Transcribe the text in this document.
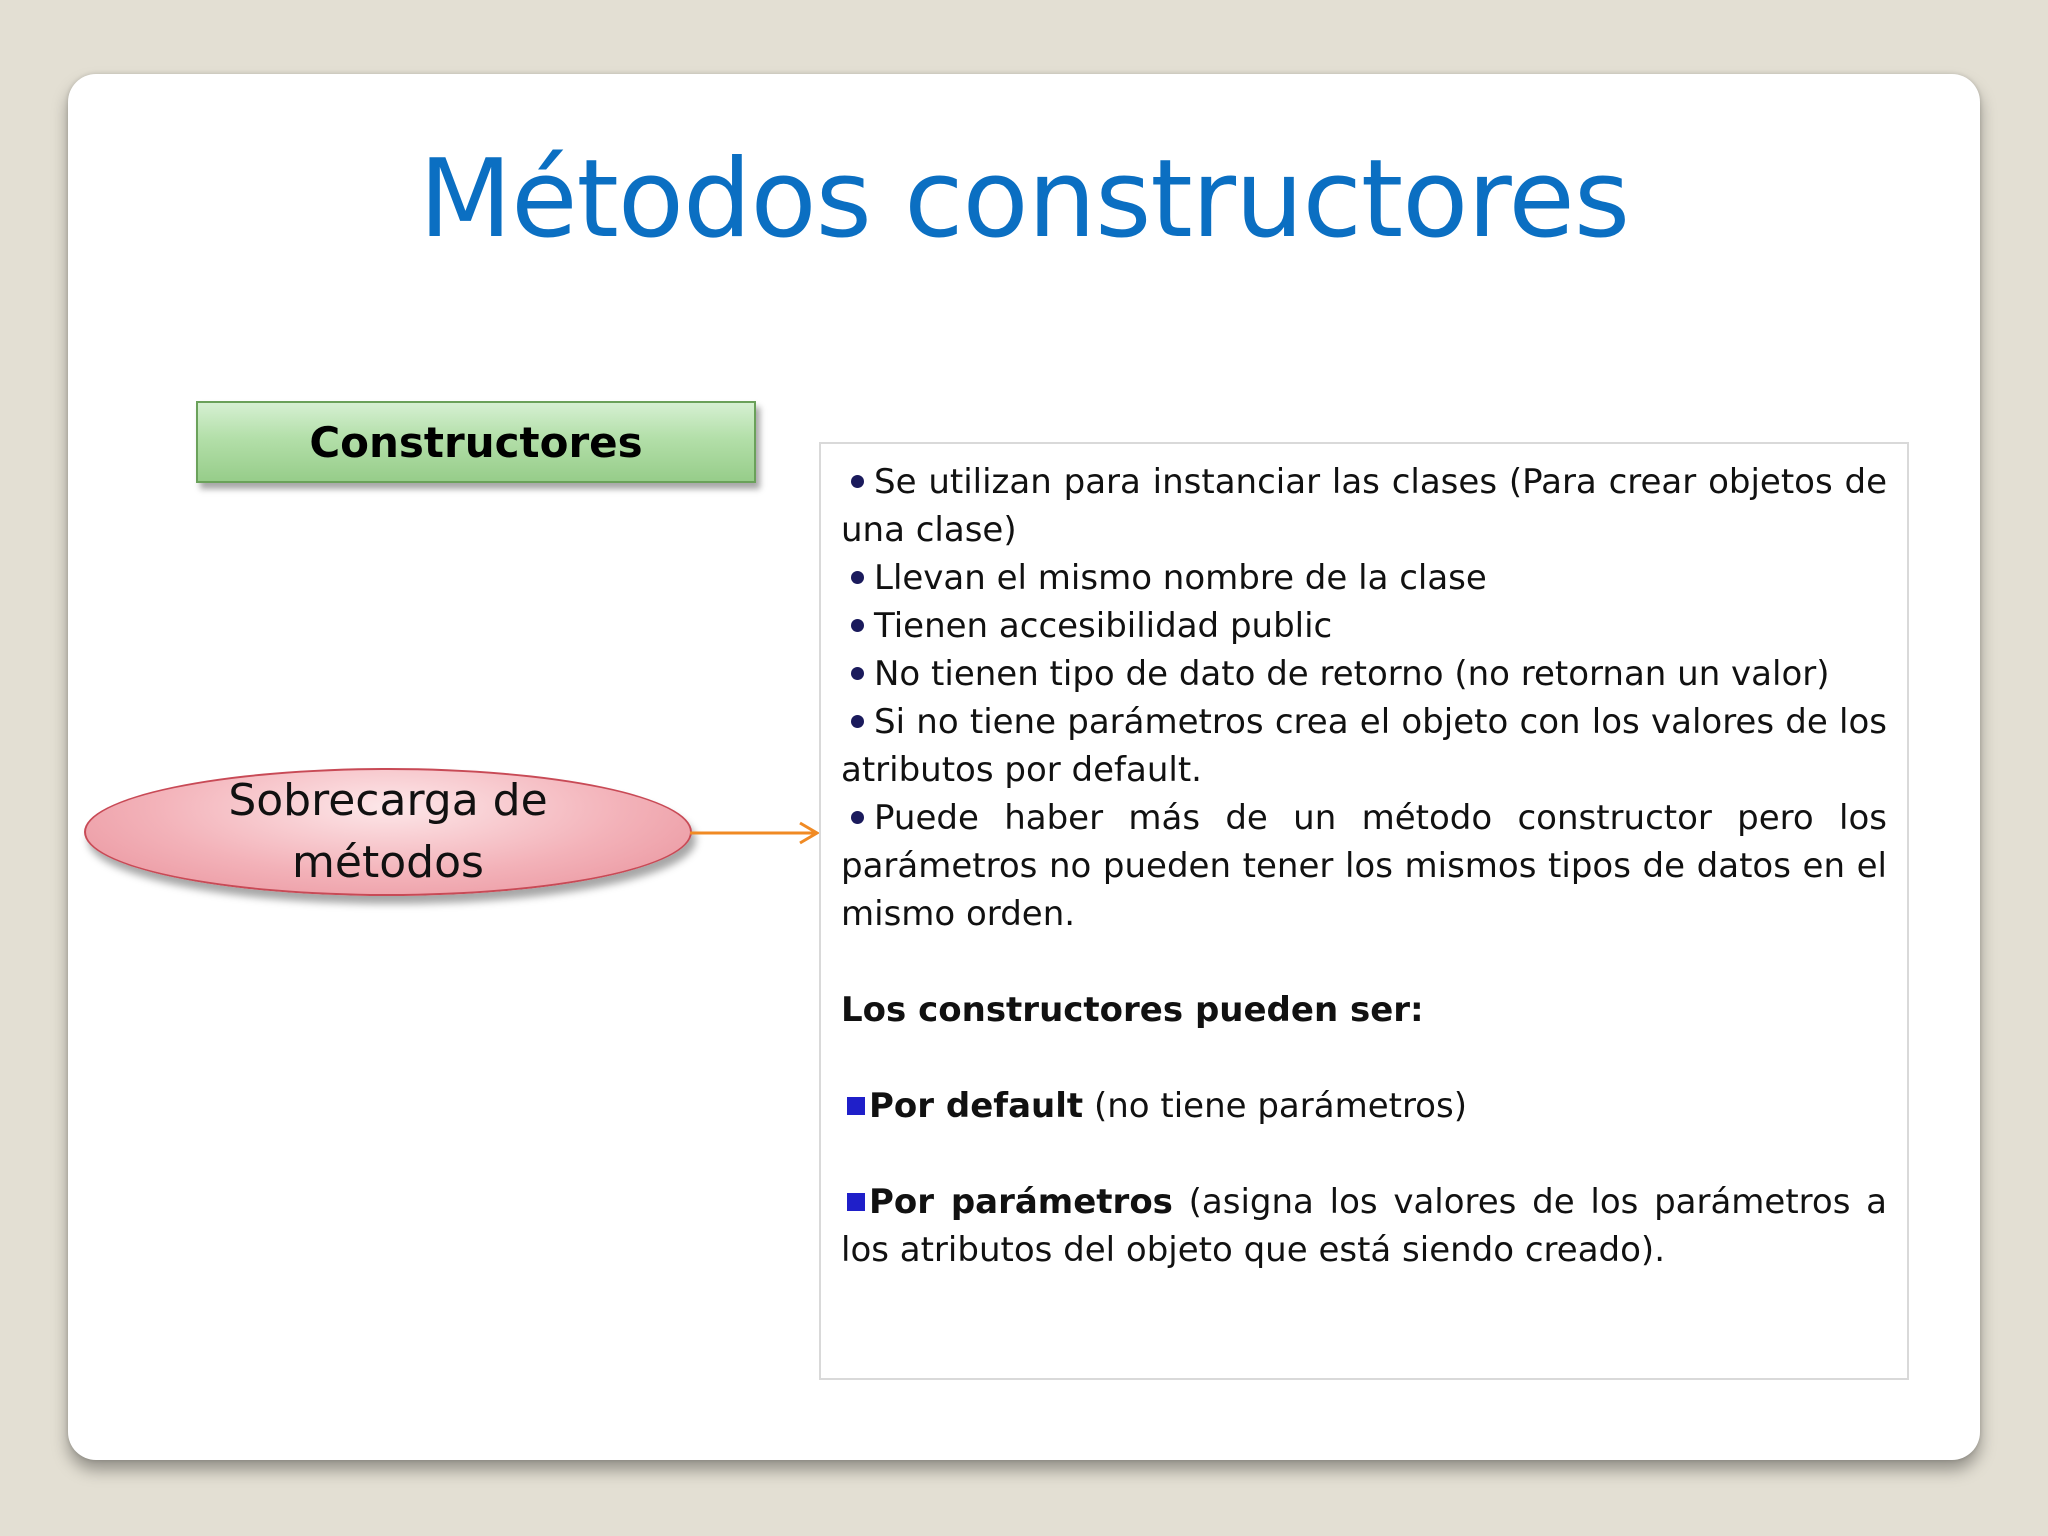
Métodos constructores
Constructores
Sobrecarga de
métodos

Se utilizan para instanciar las clases (Para crear objetos de una clase)

Llevan el mismo nombre de la clase

Tienen accesibilidad public

No tienen tipo de dato de retorno (no retornan un valor)

Si no tiene parámetros crea el objeto con los valores de los atributos por default.

Puede haber más de un método constructor pero los parámetros no pueden tener los mismos tipos de datos en el mismo orden.

Los constructores pueden ser:

Por default (no tiene parámetros)

Por parámetros (asigna los valores de los parámetros a los atributos del objeto que está siendo creado).
